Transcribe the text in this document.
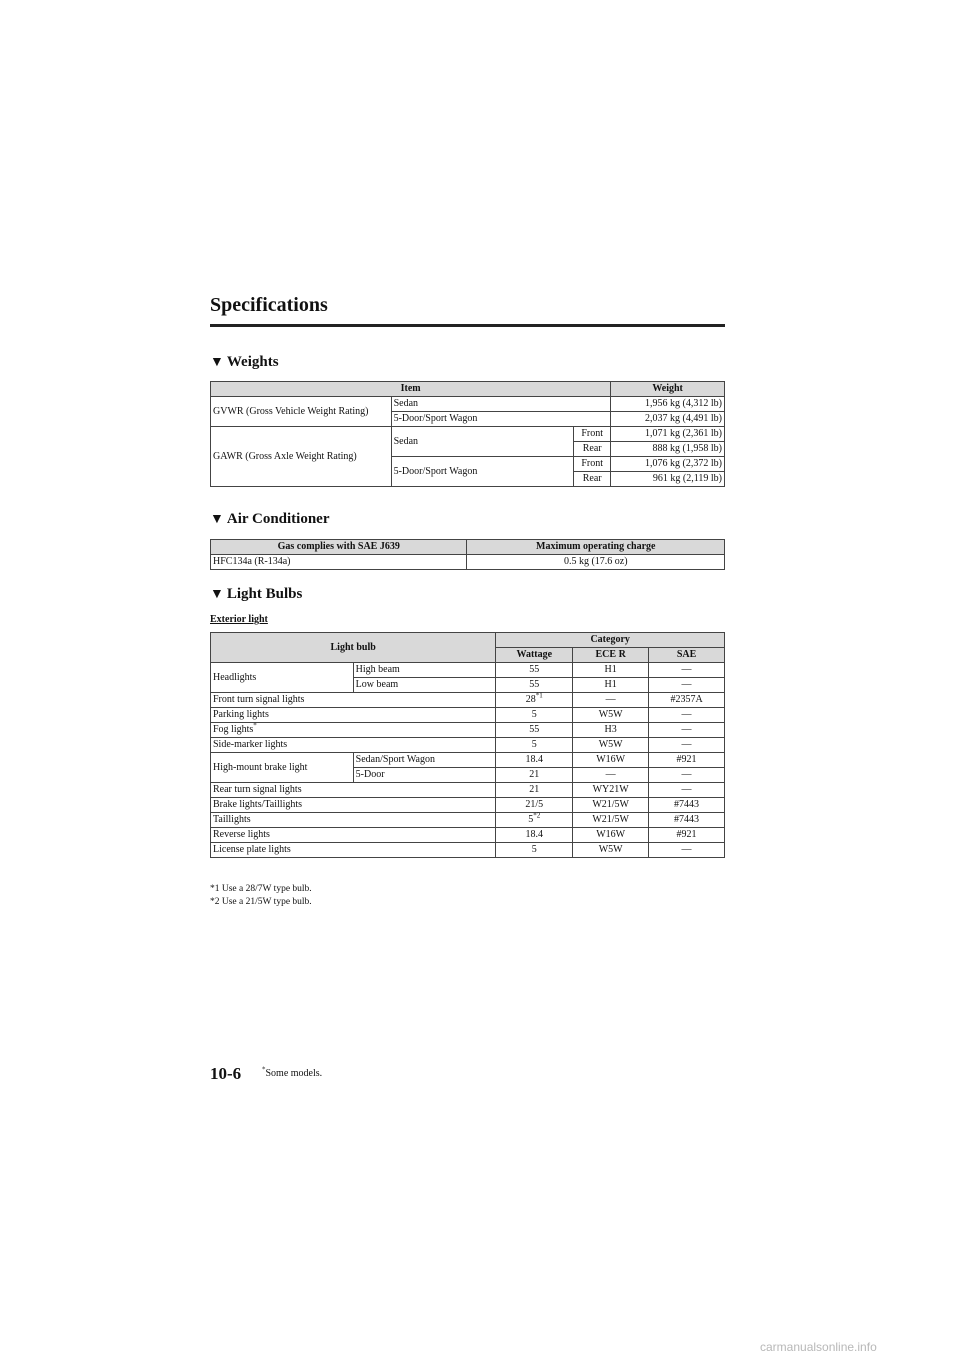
Specifications
▼ Weights
Item			Weight
GVWR (Gross Vehicle Weight Rating)	Sedan		1,956 kg (4,312 lb)
	5-Door/Sport Wagon		2,037 kg (4,491 lb)
GAWR (Gross Axle Weight Rating)	Sedan	Front	1,071 kg (2,361 lb)
		Rear	888 kg (1,958 lb)
	5-Door/Sport Wagon	Front	1,076 kg (2,372 lb)
		Rear	961 kg (2,119 lb)
▼ Air Conditioner
Gas complies with SAE J639	Maximum operating charge
HFC134a (R-134a)	0.5 kg (17.6 oz)
▼ Light Bulbs
Exterior light
Light bulb		Category		
		Wattage	ECE R	SAE
Headlights	High beam	55	H1	―
	Low beam	55	H1	―
Front turn signal lights		28$^{*1}$	―	#2357A
Parking lights		5	W5W	―
Fog lights*		55	H3	―
Side-marker lights		5	W5W	―
High-mount brake light	Sedan/Sport Wagon	18.4	W16W	#921
	5-Door	21	―	―
Rear turn signal lights		21	WY21W	―
Brake lights/Taillights		21/5	W21/5W	#7443
Taillights		5$^{*2}$	W21/5W	#7443
Reverse lights		18.4	W16W	#921
License plate lights		5	W5W	―
*1 Use a 28/7W type bulb.
*2 Use a 21/5W type bulb.
10-6	*Some models.
carmanualsonline.info
